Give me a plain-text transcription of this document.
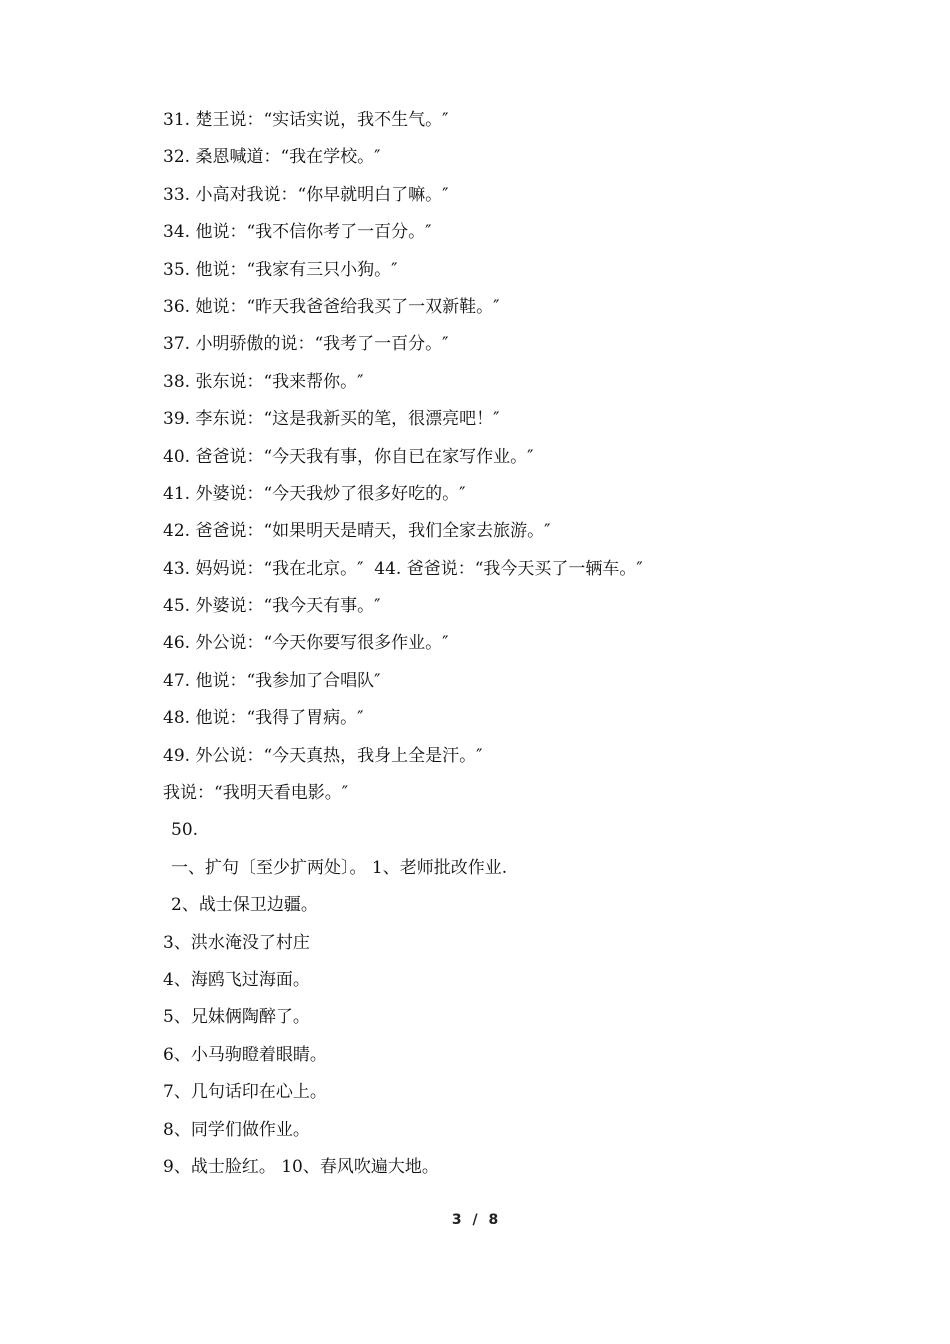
31. 楚王说：“实话实说，我不生气。″
32. 桑恩喊道：“我在学校。″
33. 小高对我说：“你早就明白了嘛。″
34. 他说：“我不信你考了一百分。″
35. 他说：“我家有三只小狗。″
36. 她说：“昨天我爸爸给我买了一双新鞋。″
37. 小明骄傲的说：“我考了一百分。″
38. 张东说：“我来帮你。″
39. 李东说：“这是我新买的笔，很漂亮吧！″
40. 爸爸说：“今天我有事，你自已在家写作业。″
41. 外婆说：“今天我炒了很多好吃的。″
42. 爸爸说：“如果明天是晴天，我们全家去旅游。″
43. 妈妈说：“我在北京。″  44. 爸爸说：“我今天买了一辆车。″
45. 外婆说：“我今天有事。″
46. 外公说：“今天你要写很多作业。″
47. 他说：“我参加了合唱队″
48. 他说：“我得了胃病。″
49. 外公说：“今天真热，我身上全是汗。″
我说：“我明天看电影。″
50.
一、扩句〔至少扩两处〕。 1、老师批改作业.
2、战士保卫边疆。
3、洪水淹没了村庄
4、海鸥飞过海面。
5、兄妹俩陶醉了。
6、小马驹瞪着眼睛。
7、几句话印在心上。
8、同学们做作业。
9、战士脸红。 10、春风吹遍大地。
3 / 8
